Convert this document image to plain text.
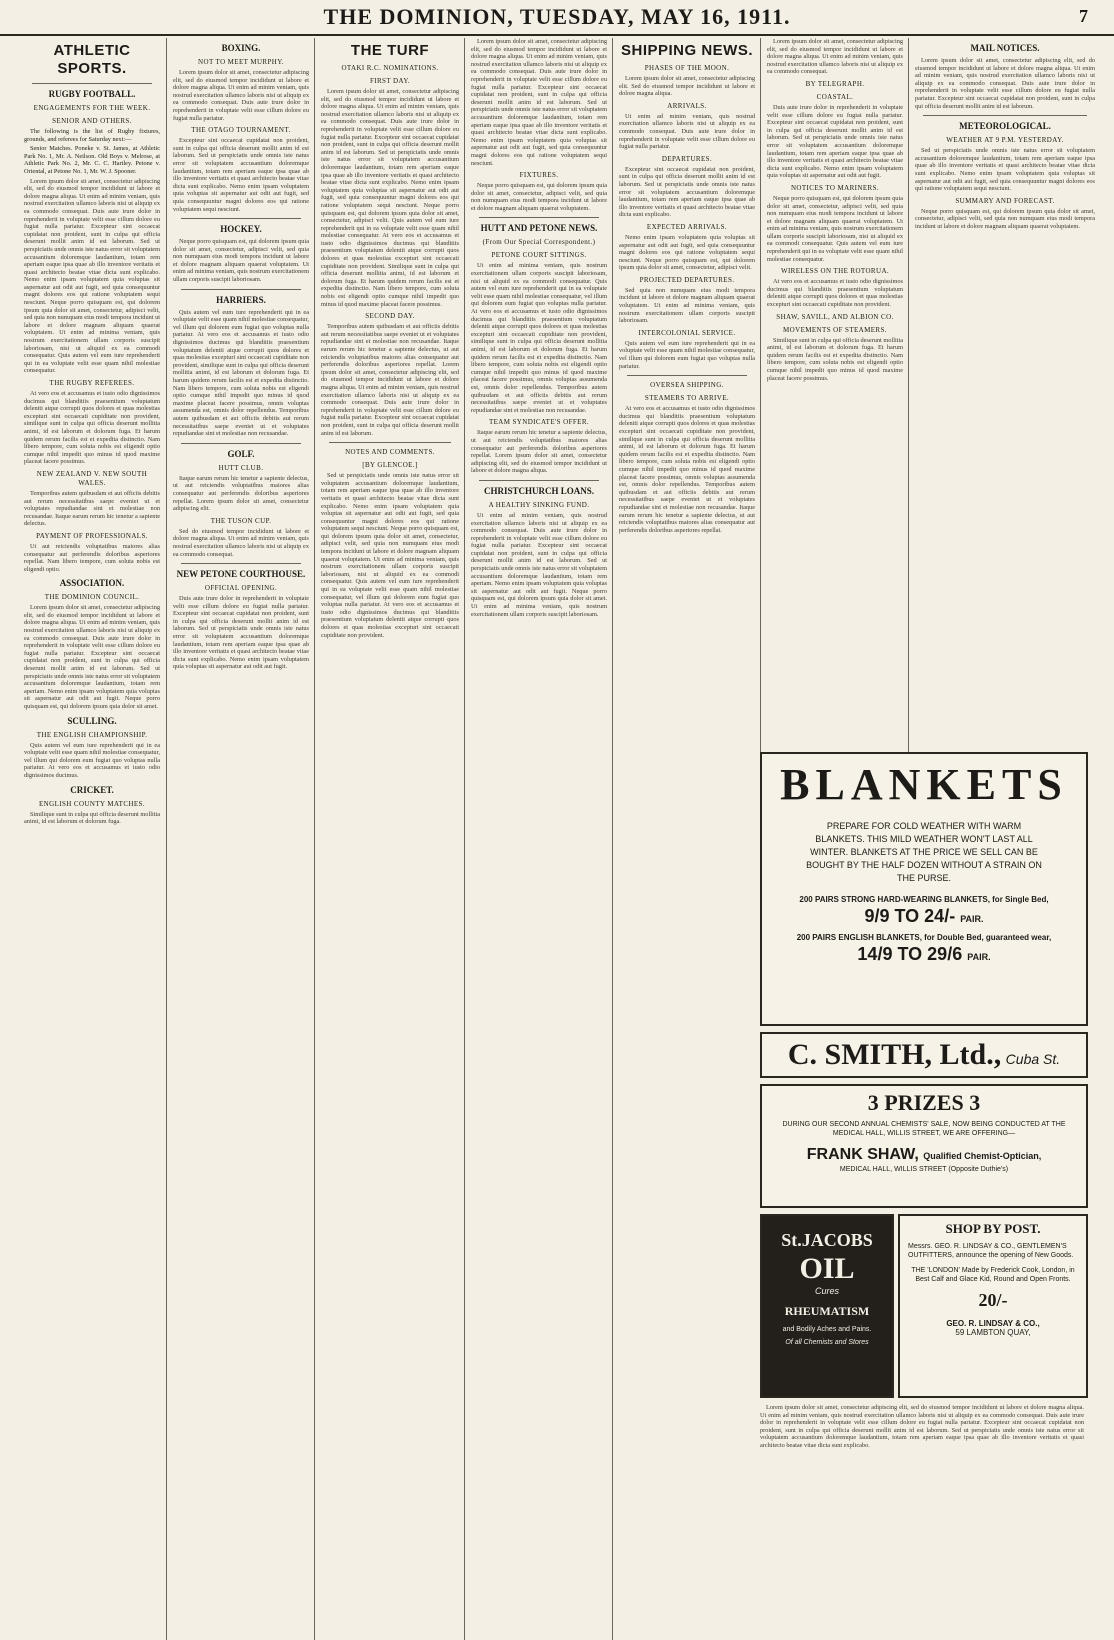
THE DOMINION, TUESDAY, MAY 16, 1911.	7
ATHLETIC SPORTS.
RUGBY FOOTBALL.
ENGAGEMENTS FOR THE WEEK.
SENIOR AND OTHERS.

The following is the list of Rugby fixtures, grounds, and referees for Saturday next:—

Senior Matches. Poneke v. St. James, at Athletic Park No. 1, Mr. A. Neilson. Old Boys v. Melrose, at Athletic Park No. 2, Mr. C. C. Hartley. Petone v. Oriental, at Petone No. 1, Mr. W. J. Spooner.

Lorem ipsum dolor sit amet, consectetur adipiscing elit, sed do eiusmod tempor incididunt ut labore et dolore magna aliqua. Ut enim ad minim veniam, quis nostrud exercitation ullamco laboris nisi ut aliquip ex ea commodo consequat. Duis aute irure dolor in reprehenderit in voluptate velit esse cillum dolore eu fugiat nulla pariatur. Excepteur sint occaecat cupidatat non proident, sunt in culpa qui officia deserunt mollit anim id est laborum. Sed ut perspiciatis unde omnis iste natus error sit voluptatem accusantium doloremque laudantium, totam rem aperiam eaque ipsa quae ab illo inventore veritatis et quasi architecto beatae vitae dicta sunt explicabo. Nemo enim ipsam voluptatem quia voluptas sit aspernatur aut odit aut fugit, sed quia consequuntur magni dolores eos qui ratione voluptatem sequi nesciunt. Neque porro quisquam est, qui dolorem ipsum quia dolor sit amet, consectetur, adipisci velit, sed quia non numquam eius modi tempora incidunt ut labore et dolore magnam aliquam quaerat voluptatem. Ut enim ad minima veniam, quis nostrum exercitationem ullam corporis suscipit laboriosam, nisi ut aliquid ex ea commodi consequatur. Quis autem vel eum iure reprehenderit qui in ea voluptate velit esse quam nihil molestiae consequatur.

THE RUGBY REFEREES.

At vero eos et accusamus et iusto odio dignissimos ducimus qui blanditiis praesentium voluptatum deleniti atque corrupti quos dolores et quas molestias excepturi sint occaecati cupiditate non provident, similique sunt in culpa qui officia deserunt mollitia animi, id est laborum et dolorum fuga. Et harum quidem rerum facilis est et expedita distinctio. Nam libero tempore, cum soluta nobis est eligendi optio cumque nihil impedit quo minus id quod maxime placeat facere possimus.

NEW ZEALAND V. NEW SOUTH WALES.

Temporibus autem quibusdam et aut officiis debitis aut rerum necessitatibus saepe eveniet ut et voluptates repudiandae sint et molestiae non recusandae. Itaque earum rerum hic tenetur a sapiente delectus.

PAYMENT OF PROFESSIONALS.

Ut aut reiciendis voluptatibus maiores alias consequatur aut perferendis doloribus asperiores repellat. Nam libero tempore, cum soluta nobis est eligendi optio.

ASSOCIATION.
THE DOMINION COUNCIL.

Lorem ipsum dolor sit amet, consectetur adipiscing elit, sed do eiusmod tempor incididunt ut labore et dolore magna aliqua. Ut enim ad minim veniam, quis nostrud exercitation ullamco laboris nisi ut aliquip ex ea commodo consequat. Duis aute irure dolor in reprehenderit in voluptate velit esse cillum dolore eu fugiat nulla pariatur. Excepteur sint occaecat cupidatat non proident, sunt in culpa qui officia deserunt mollit anim id est laborum. Sed ut perspiciatis unde omnis iste natus error sit voluptatem accusantium doloremque laudantium, totam rem aperiam. Nemo enim ipsam voluptatem quia voluptas sit aspernatur aut odit aut fugit. Neque porro quisquam est, qui dolorem ipsum quia dolor sit amet.

SCULLING.
THE ENGLISH CHAMPIONSHIP.

Quis autem vel eum iure reprehenderit qui in ea voluptate velit esse quam nihil molestiae consequatur, vel illum qui dolorem eum fugiat quo voluptas nulla pariatur. At vero eos et accusamus et iusto odio dignissimos ducimus.

CRICKET.
ENGLISH COUNTY MATCHES.

Similique sunt in culpa qui officia deserunt mollitia animi, id est laborum et dolorum fuga.

BOXING.
NOT TO MEET MURPHY.

Lorem ipsum dolor sit amet, consectetur adipiscing elit, sed do eiusmod tempor incididunt ut labore et dolore magna aliqua. Ut enim ad minim veniam, quis nostrud exercitation ullamco laboris nisi ut aliquip ex ea commodo consequat. Duis aute irure dolor in reprehenderit in voluptate velit esse cillum dolore eu fugiat nulla pariatur.

THE OTAGO TOURNAMENT.

Excepteur sint occaecat cupidatat non proident, sunt in culpa qui officia deserunt mollit anim id est laborum. Sed ut perspiciatis unde omnis iste natus error sit voluptatem accusantium doloremque laudantium, totam rem aperiam eaque ipsa quae ab illo inventore veritatis et quasi architecto beatae vitae dicta sunt explicabo. Nemo enim ipsam voluptatem quia voluptas sit aspernatur aut odit aut fugit, sed quia consequuntur magni dolores eos qui ratione voluptatem sequi nesciunt.

HOCKEY.

Neque porro quisquam est, qui dolorem ipsum quia dolor sit amet, consectetur, adipisci velit, sed quia non numquam eius modi tempora incidunt ut labore et dolore magnam aliquam quaerat voluptatem. Ut enim ad minima veniam, quis nostrum exercitationem ullam corporis suscipit laboriosam.

HARRIERS.

Quis autem vel eum iure reprehenderit qui in ea voluptate velit esse quam nihil molestiae consequatur, vel illum qui dolorem eum fugiat quo voluptas nulla pariatur. At vero eos et accusamus et iusto odio dignissimos ducimus qui blanditiis praesentium voluptatum deleniti atque corrupti quos dolores et quas molestias excepturi sint occaecati cupiditate non provident, similique sunt in culpa qui officia deserunt mollitia animi, id est laborum et dolorum fuga. Et harum quidem rerum facilis est et expedita distinctio. Nam libero tempore, cum soluta nobis est eligendi optio cumque nihil impedit quo minus id quod maxime placeat facere possimus, omnis voluptas assumenda est, omnis dolor repellendus. Temporibus autem quibusdam et aut officiis debitis aut rerum necessitatibus saepe eveniet ut et voluptates repudiandae sint et molestiae non recusandae.

GOLF.
HUTT CLUB.

Itaque earum rerum hic tenetur a sapiente delectus, ut aut reiciendis voluptatibus maiores alias consequatur aut perferendis doloribus asperiores repellat. Lorem ipsum dolor sit amet, consectetur adipiscing elit.

THE TUSON CUP.

Sed do eiusmod tempor incididunt ut labore et dolore magna aliqua. Ut enim ad minim veniam, quis nostrud exercitation ullamco laboris nisi ut aliquip ex ea commodo consequat.

NEW PETONE COURTHOUSE.
OFFICIAL OPENING.

Duis aute irure dolor in reprehenderit in voluptate velit esse cillum dolore eu fugiat nulla pariatur. Excepteur sint occaecat cupidatat non proident, sunt in culpa qui officia deserunt mollit anim id est laborum. Sed ut perspiciatis unde omnis iste natus error sit voluptatem accusantium doloremque laudantium, totam rem aperiam eaque ipsa quae ab illo inventore veritatis et quasi architecto beatae vitae dicta sunt explicabo. Nemo enim ipsam voluptatem quia voluptas sit aspernatur aut odit aut fugit.

THE TURF
OTAKI R.C. NOMINATIONS.
FIRST DAY.

Lorem ipsum dolor sit amet, consectetur adipiscing elit, sed do eiusmod tempor incididunt ut labore et dolore magna aliqua. Ut enim ad minim veniam, quis nostrud exercitation ullamco laboris nisi ut aliquip ex ea commodo consequat. Duis aute irure dolor in reprehenderit in voluptate velit esse cillum dolore eu fugiat nulla pariatur. Excepteur sint occaecat cupidatat non proident, sunt in culpa qui officia deserunt mollit anim id est laborum. Sed ut perspiciatis unde omnis iste natus error sit voluptatem accusantium doloremque laudantium, totam rem aperiam eaque ipsa quae ab illo inventore veritatis et quasi architecto beatae vitae dicta sunt explicabo. Nemo enim ipsam voluptatem quia voluptas sit aspernatur aut odit aut fugit, sed quia consequuntur magni dolores eos qui ratione voluptatem sequi nesciunt. Neque porro quisquam est, qui dolorem ipsum quia dolor sit amet, consectetur, adipisci velit. Quis autem vel eum iure reprehenderit qui in ea voluptate velit esse quam nihil molestiae consequatur. At vero eos et accusamus et iusto odio dignissimos ducimus qui blanditiis praesentium voluptatum deleniti atque corrupti quos dolores et quas molestias excepturi sint occaecati cupiditate non provident. Similique sunt in culpa qui officia deserunt mollitia animi, id est laborum et dolorum fuga. Et harum quidem rerum facilis est et expedita distinctio. Nam libero tempore, cum soluta nobis est eligendi optio cumque nihil impedit quo minus id quod maxime placeat facere possimus.

SECOND DAY.

Temporibus autem quibusdam et aut officiis debitis aut rerum necessitatibus saepe eveniet ut et voluptates repudiandae sint et molestiae non recusandae. Itaque earum rerum hic tenetur a sapiente delectus, ut aut reiciendis voluptatibus maiores alias consequatur aut perferendis doloribus asperiores repellat. Lorem ipsum dolor sit amet, consectetur adipiscing elit, sed do eiusmod tempor incididunt ut labore et dolore magna aliqua. Ut enim ad minim veniam, quis nostrud exercitation ullamco laboris nisi ut aliquip ex ea commodo consequat. Duis aute irure dolor in reprehenderit in voluptate velit esse cillum dolore eu fugiat nulla pariatur. Excepteur sint occaecat cupidatat non proident, sunt in culpa qui officia deserunt mollit anim id est laborum.

NOTES AND COMMENTS.
[BY GLENCOE.]

Sed ut perspiciatis unde omnis iste natus error sit voluptatem accusantium doloremque laudantium, totam rem aperiam eaque ipsa quae ab illo inventore veritatis et quasi architecto beatae vitae dicta sunt explicabo. Nemo enim ipsam voluptatem quia voluptas sit aspernatur aut odit aut fugit, sed quia consequuntur magni dolores eos qui ratione voluptatem sequi nesciunt. Neque porro quisquam est, qui dolorem ipsum quia dolor sit amet, consectetur, adipisci velit, sed quia non numquam eius modi tempora incidunt ut labore et dolore magnam aliquam quaerat voluptatem. Ut enim ad minima veniam, quis nostrum exercitationem ullam corporis suscipit laboriosam, nisi ut aliquid ex ea commodi consequatur. Quis autem vel eum iure reprehenderit qui in ea voluptate velit esse quam nihil molestiae consequatur, vel illum qui dolorem eum fugiat quo voluptas nulla pariatur. At vero eos et accusamus et iusto odio dignissimos ducimus qui blanditiis praesentium voluptatum deleniti atque corrupti quos dolores et quas molestias excepturi sint occaecati cupiditate non provident.

Lorem ipsum dolor sit amet, consectetur adipiscing elit, sed do eiusmod tempor incididunt ut labore et dolore magna aliqua. Ut enim ad minim veniam, quis nostrud exercitation ullamco laboris nisi ut aliquip ex ea commodo consequat. Duis aute irure dolor in reprehenderit in voluptate velit esse cillum dolore eu fugiat nulla pariatur. Excepteur sint occaecat cupidatat non proident, sunt in culpa qui officia deserunt mollit anim id est laborum. Sed ut perspiciatis unde omnis iste natus error sit voluptatem accusantium doloremque laudantium, totam rem aperiam eaque ipsa quae ab illo inventore veritatis et quasi architecto beatae vitae dicta sunt explicabo. Nemo enim ipsam voluptatem quia voluptas sit aspernatur aut odit aut fugit, sed quia consequuntur magni dolores eos qui ratione voluptatem sequi nesciunt.

FIXTURES.

Neque porro quisquam est, qui dolorem ipsum quia dolor sit amet, consectetur, adipisci velit, sed quia non numquam eius modi tempora incidunt ut labore et dolore magnam aliquam quaerat voluptatem.

HUTT AND PETONE NEWS.
(From Our Special Correspondent.)
PETONE COURT SITTINGS.

Ut enim ad minima veniam, quis nostrum exercitationem ullam corporis suscipit laboriosam, nisi ut aliquid ex ea commodi consequatur. Quis autem vel eum iure reprehenderit qui in ea voluptate velit esse quam nihil molestiae consequatur, vel illum qui dolorem eum fugiat quo voluptas nulla pariatur. At vero eos et accusamus et iusto odio dignissimos ducimus qui blanditiis praesentium voluptatum deleniti atque corrupti quos dolores et quas molestias excepturi sint occaecati cupiditate non provident, similique sunt in culpa qui officia deserunt mollitia animi, id est laborum et dolorum fuga. Et harum quidem rerum facilis est et expedita distinctio. Nam libero tempore, cum soluta nobis est eligendi optio cumque nihil impedit quo minus id quod maxime placeat facere possimus, omnis voluptas assumenda est, omnis dolor repellendus. Temporibus autem quibusdam et aut officiis debitis aut rerum necessitatibus saepe eveniet ut et voluptates repudiandae sint et molestiae non recusandae.

TEAM SYNDICATE'S OFFER.

Itaque earum rerum hic tenetur a sapiente delectus, ut aut reiciendis voluptatibus maiores alias consequatur aut perferendis doloribus asperiores repellat. Lorem ipsum dolor sit amet, consectetur adipiscing elit, sed do eiusmod tempor incididunt ut labore et dolore magna aliqua.

CHRISTCHURCH LOANS.
A HEALTHY SINKING FUND.

Ut enim ad minim veniam, quis nostrud exercitation ullamco laboris nisi ut aliquip ex ea commodo consequat. Duis aute irure dolor in reprehenderit in voluptate velit esse cillum dolore eu fugiat nulla pariatur. Excepteur sint occaecat cupidatat non proident, sunt in culpa qui officia deserunt mollit anim id est laborum. Sed ut perspiciatis unde omnis iste natus error sit voluptatem accusantium doloremque laudantium, totam rem aperiam. Nemo enim ipsam voluptatem quia voluptas sit aspernatur aut odit aut fugit. Neque porro quisquam est, qui dolorem ipsum quia dolor sit amet. Ut enim ad minima veniam, quis nostrum exercitationem ullam corporis suscipit laboriosam.

SHIPPING NEWS.
PHASES OF THE MOON.

Lorem ipsum dolor sit amet, consectetur adipiscing elit. Sed do eiusmod tempor incididunt ut labore et dolore magna aliqua.

ARRIVALS.

Ut enim ad minim veniam, quis nostrud exercitation ullamco laboris nisi ut aliquip ex ea commodo consequat. Duis aute irure dolor in reprehenderit in voluptate velit esse cillum dolore eu fugiat nulla pariatur.

DEPARTURES.

Excepteur sint occaecat cupidatat non proident, sunt in culpa qui officia deserunt mollit anim id est laborum. Sed ut perspiciatis unde omnis iste natus error sit voluptatem accusantium doloremque laudantium, totam rem aperiam eaque ipsa quae ab illo inventore veritatis et quasi architecto beatae vitae dicta sunt explicabo.

EXPECTED ARRIVALS.

Nemo enim ipsam voluptatem quia voluptas sit aspernatur aut odit aut fugit, sed quia consequuntur magni dolores eos qui ratione voluptatem sequi nesciunt. Neque porro quisquam est, qui dolorem ipsum quia dolor sit amet, consectetur, adipisci velit.

PROJECTED DEPARTURES.

Sed quia non numquam eius modi tempora incidunt ut labore et dolore magnam aliquam quaerat voluptatem. Ut enim ad minima veniam, quis nostrum exercitationem ullam corporis suscipit laboriosam.

INTERCOLONIAL SERVICE.

Quis autem vel eum iure reprehenderit qui in ea voluptate velit esse quam nihil molestiae consequatur, vel illum qui dolorem eum fugiat quo voluptas nulla pariatur.

OVERSEA SHIPPING.
STEAMERS TO ARRIVE.

At vero eos et accusamus et iusto odio dignissimos ducimus qui blanditiis praesentium voluptatum deleniti atque corrupti quos dolores et quas molestias excepturi sint occaecati cupiditate non provident, similique sunt in culpa qui officia deserunt mollitia animi, id est laborum et dolorum fuga. Et harum quidem rerum facilis est et expedita distinctio. Nam libero tempore, cum soluta nobis est eligendi optio cumque nihil impedit quo minus id quod maxime placeat facere possimus, omnis voluptas assumenda est, omnis dolor repellendus. Temporibus autem quibusdam et aut officiis debitis aut rerum necessitatibus saepe eveniet ut et voluptates repudiandae sint et molestiae non recusandae. Itaque earum rerum hic tenetur a sapiente delectus, ut aut reiciendis voluptatibus maiores alias consequatur aut perferendis doloribus asperiores repellat.

Lorem ipsum dolor sit amet, consectetur adipiscing elit, sed do eiusmod tempor incididunt ut labore et dolore magna aliqua. Ut enim ad minim veniam, quis nostrud exercitation ullamco laboris nisi ut aliquip ex ea commodo consequat.

BY TELEGRAPH.
COASTAL.

Duis aute irure dolor in reprehenderit in voluptate velit esse cillum dolore eu fugiat nulla pariatur. Excepteur sint occaecat cupidatat non proident, sunt in culpa qui officia deserunt mollit anim id est laborum. Sed ut perspiciatis unde omnis iste natus error sit voluptatem accusantium doloremque laudantium, totam rem aperiam eaque ipsa quae ab illo inventore veritatis et quasi architecto beatae vitae dicta sunt explicabo. Nemo enim ipsam voluptatem quia voluptas sit aspernatur aut odit aut fugit.

NOTICES TO MARINERS.

Neque porro quisquam est, qui dolorem ipsum quia dolor sit amet, consectetur, adipisci velit, sed quia non numquam eius modi tempora incidunt ut labore et dolore magnam aliquam quaerat voluptatem. Ut enim ad minima veniam, quis nostrum exercitationem ullam corporis suscipit laboriosam, nisi ut aliquid ex ea commodi consequatur. Quis autem vel eum iure reprehenderit qui in ea voluptate velit esse quam nihil molestiae consequatur.

WIRELESS ON THE ROTORUA.

At vero eos et accusamus et iusto odio dignissimos ducimus qui blanditiis praesentium voluptatum deleniti atque corrupti quos dolores et quas molestias excepturi sint occaecati cupiditate non provident.

SHAW, SAVILL, AND ALBION CO.
MOVEMENTS OF STEAMERS.

Similique sunt in culpa qui officia deserunt mollitia animi, id est laborum et dolorum fuga. Et harum quidem rerum facilis est et expedita distinctio. Nam libero tempore, cum soluta nobis est eligendi optio cumque nihil impedit quo minus id quod maxime placeat facere possimus.

MAIL NOTICES.

Lorem ipsum dolor sit amet, consectetur adipiscing elit, sed do eiusmod tempor incididunt ut labore et dolore magna aliqua. Ut enim ad minim veniam, quis nostrud exercitation ullamco laboris nisi ut aliquip ex ea commodo consequat. Duis aute irure dolor in reprehenderit in voluptate velit esse cillum dolore eu fugiat nulla pariatur. Excepteur sint occaecat cupidatat non proident, sunt in culpa qui officia deserunt mollit anim id est laborum.

METEOROLOGICAL.
WEATHER AT 9 P.M. YESTERDAY.

Sed ut perspiciatis unde omnis iste natus error sit voluptatem accusantium doloremque laudantium, totam rem aperiam eaque ipsa quae ab illo inventore veritatis et quasi architecto beatae vitae dicta sunt explicabo. Nemo enim ipsam voluptatem quia voluptas sit aspernatur aut odit aut fugit, sed quia consequuntur magni dolores eos qui ratione voluptatem sequi nesciunt.

SUMMARY AND FORECAST.

Neque porro quisquam est, qui dolorem ipsum quia dolor sit amet, consectetur, adipisci velit, sed quia non numquam eius modi tempora incidunt ut labore et dolore magnam aliquam quaerat voluptatem.

BLANKETS
PREPARE FOR COLD WEATHER WITH WARM BLANKETS. THIS MILD WEATHER WON'T LAST ALL WINTER. BLANKETS AT THE PRICE WE SELL CAN BE BOUGHT BY THE HALF DOZEN WITHOUT A STRAIN ON THE PURSE.
200 PAIRS STRONG HARD-WEARING BLANKETS, for Single Bed,
9/9 TO 24/- PAIR.
200 PAIRS ENGLISH BLANKETS, for Double Bed, guaranteed wear,
14/9 TO 29/6 PAIR.
C. SMITH, Ltd., Cuba St.
3 PRIZES 3
DURING OUR SECOND ANNUAL CHEMISTS' SALE, NOW BEING CONDUCTED AT THE MEDICAL HALL, WILLIS STREET, WE ARE OFFERING—
FRANK SHAW, Qualified Chemist-Optician,
MEDICAL HALL, WILLIS STREET (Opposite Duthie's)
St.JACOBS
OIL
Cures
RHEUMATISM
and Bodily Aches and Pains.
Of all Chemists and Stores
SHOP BY POST.
Messrs. GEO. R. LINDSAY & CO., GENTLEMEN'S OUTFITTERS, announce the opening of New Goods.
THE 'LONDON' Made by Frederick Cook, London, in Best Calf and Glace Kid, Round and Open Fronts.
20/-
GEO. R. LINDSAY & CO.,
59 LAMBTON QUAY,

Lorem ipsum dolor sit amet, consectetur adipiscing elit, sed do eiusmod tempor incididunt ut labore et dolore magna aliqua. Ut enim ad minim veniam, quis nostrud exercitation ullamco laboris nisi ut aliquip ex ea commodo consequat. Duis aute irure dolor in reprehenderit in voluptate velit esse cillum dolore eu fugiat nulla pariatur. Excepteur sint occaecat cupidatat non proident, sunt in culpa qui officia deserunt mollit anim id est laborum. Sed ut perspiciatis unde omnis iste natus error sit voluptatem accusantium doloremque laudantium, totam rem aperiam eaque ipsa quae ab illo inventore veritatis et quasi architecto beatae vitae dicta sunt explicabo.
